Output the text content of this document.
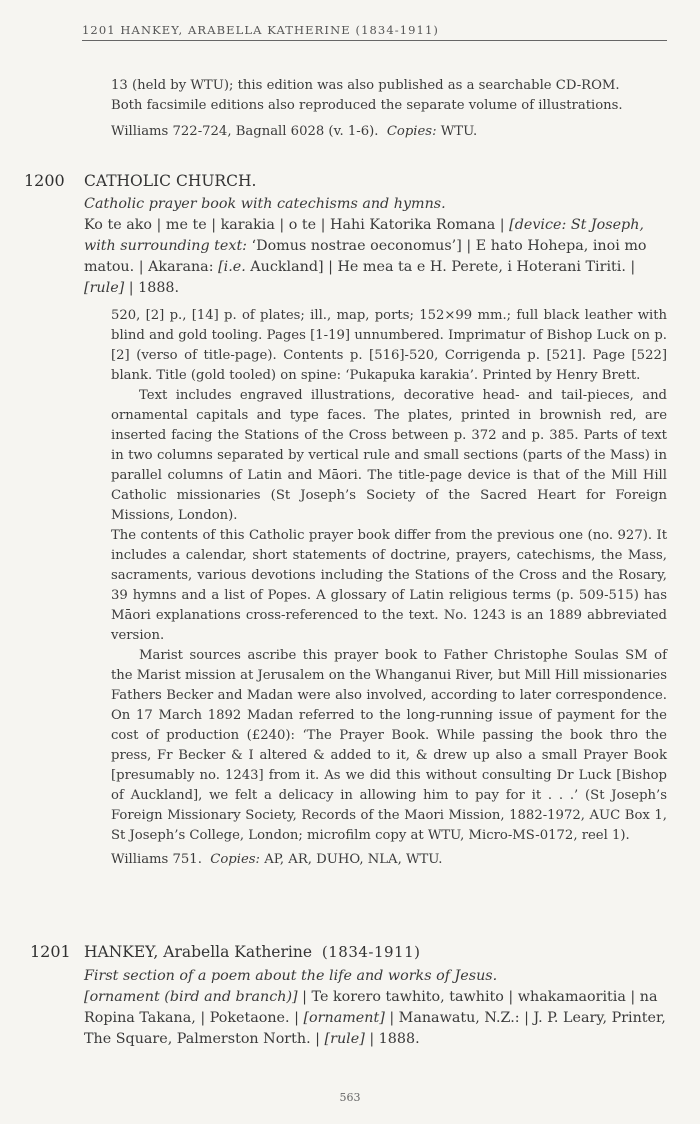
1201 HANKEY, ARABELLA KATHERINE (1834-1911)

13 (held by WTU); this edition was also published as a searchable CD-ROM.

Both facsimile editions also reproduced the separate volume of illustrations.

Williams 722-724, Bagnall 6028 (v. 1-6). Copies: WTU.

1200 CATHOLIC CHURCH.

Catholic prayer book with catechisms and hymns.

Ko te ako | me te | karakia | o te | Hahi Katorika Romana | [device: St Joseph, with surrounding text: ‘Domus nostrae oeconomus’] | E hato Hohepa, inoi mo matou. | Akarana: [i.e. Auckland] | He mea ta e H. Perete, i Hoterani Tiriti. | [rule] | 1888.

520, [2] p., [14] p. of plates; ill., map, ports; 152×99 mm.; full black leather with blind and gold tooling. Pages [1-19] unnumbered. Imprimatur of Bishop Luck on p. [2] (verso of title-page). Contents p. [516]-520, Corrigenda p. [521]. Page [522] blank. Title (gold tooled) on spine: ‘Pukapuka karakia’. Printed by Henry Brett.

Text includes engraved illustrations, decorative head- and tail-pieces, and ornamental capitals and type faces. The plates, printed in brownish red, are inserted facing the Stations of the Cross between p. 372 and p. 385. Parts of text in two columns separated by vertical rule and small sections (parts of the Mass) in parallel columns of Latin and Māori. The title-page device is that of the Mill Hill Catholic missionaries (St Joseph’s Society of the Sacred Heart for Foreign Missions, London).

The contents of this Catholic prayer book differ from the previous one (no. 927). It includes a calendar, short statements of doctrine, prayers, catechisms, the Mass, sacraments, various devotions including the Stations of the Cross and the Rosary, 39 hymns and a list of Popes. A glossary of Latin religious terms (p. 509-515) has Māori explanations cross-referenced to the text. No. 1243 is an 1889 abbreviated version.

Marist sources ascribe this prayer book to Father Christophe Soulas SM of the Marist mission at Jerusalem on the Whanganui River, but Mill Hill missionaries Fathers Becker and Madan were also involved, according to later correspondence. On 17 March 1892 Madan referred to the long-running issue of payment for the cost of production (£240): ‘The Prayer Book. While passing the book thro the press, Fr Becker & I altered & added to it, & drew up also a small Prayer Book [presumably no. 1243] from it. As we did this without consulting Dr Luck [Bishop of Auckland], we felt a delicacy in allowing him to pay for it . . .’ (St Joseph’s Foreign Missionary Society, Records of the Maori Mission, 1882-1972, AUC Box 1, St Joseph’s College, London; microfilm copy at WTU, Micro-MS-0172, reel 1).

Williams 751. Copies: AP, AR, DUHO, NLA, WTU.

1201 HANKEY, Arabella Katherine (1834-1911)

First section of a poem about the life and works of Jesus.

[ornament (bird and branch)] | Te korero tawhito, tawhito | whakamaoritia | na Ropina Takana, | Poketaone. | [ornament] | Manawatu, N.Z.: | J. P. Leary, Printer, The Square, Palmerston North. | [rule] | 1888.

563
